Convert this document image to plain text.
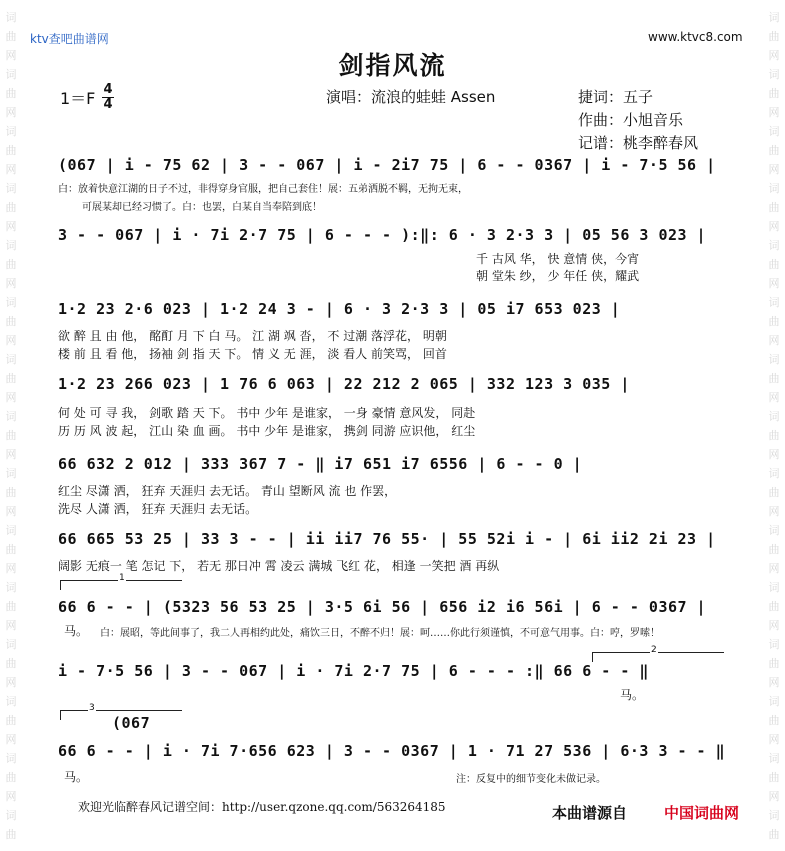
词
曲
网
词
曲
网
词
曲
网
词
曲
网
词
曲
网
词
曲
网
词
曲
网
词
曲
网
词
曲
网
词
曲
网
词
曲
网
词
曲
网
词
曲
网
词
曲
网
词
曲
词
曲
网
词
曲
网
词
曲
网
词
曲
网
词
曲
网
词
曲
网
词
曲
网
词
曲
网
词
曲
网
词
曲
网
词
曲
网
词
曲
网
词
曲
网
词
曲
网
词
曲
ktv查吧曲谱网	www.ktvc8.com
剑指风流
1＝F 4
4	演唱：流浪的蛙蛙 Assen	捷词：五子
作曲：小旭音乐
记谱：桃李醉春风
(067 | i - 75 62 | 3 - - 067 | i - 2i7 75 | 6 - - 0367 | i - 7·5 56 |
白：放着快意江湖的日子不过，非得穿身官服，把自己套住！展：五弟洒脱不羁，无拘无束，
可展某却已经习惯了。白：也罢，白某自当奉陪到底！
3 - - 067 | i · 7i 2·7 75 | 6 - - - ):‖: 6 · 3 2·3 3 | 05 56 3 023 |
千 古风 华， 快 意情 侠，今宵
朝 堂朱 纱， 少 年任 侠，耀武
1·2 23 2·6 023 | 1·2 24 3 - | 6 · 3 2·3 3 | 05 i7 653 023 |
欲 醉 且 由 他， 酩酊 月 下 白 马。 江 湖 飒 沓， 不 过潮 落浮花， 明朝
楼 前 且 看 他， 扬袖 剑 指 天 下。 情 义 无 涯， 淡 看人 前笑骂， 回首
1·2 23 266 023 | 1 76 6 063 | 22 212 2 065 | 332 123 3 035 |
何 处 可 寻 我， 剑歌 踏 天 下。 书中 少年 是谁家， 一身 豪情 意风发， 同赴
历 历 风 波 起， 江山 染 血 画。 书中 少年 是谁家， 携剑 同游 应识他， 红尘
66 632 2 012 | 333 367 7 - ‖ i7 651 i7 6556 | 6 - - 0 |
红尘 尽潇 洒， 狂弃 天涯归 去无话。 青山 望断风 流 也 作罢，
洗尽 人潇 洒， 狂弃 天涯归 去无话。
66 665 53 25 | 33 3 - - | ii ii7 76 55· | 55 52i i - | 6i ii2 2i 23 |
阔影 无痕一 笔 怎记 下， 若无 那日冲 霄 凌云 满城 飞红 花， 相逢 一笑把 酒 再纵
1
66 6 - - | (5323 56 53 25 | 3·5 6i 56 | 656 i2 i6 56i | 6 - - 0367 |
马。 白：展昭，等此间事了，我二人再相约此处，痛饮三日，不醉不归！展：呵……你此行须谨慎，不可意气用事。白：哼，罗嗦！
2
i - 7·5 56 | 3 - - 067 | i · 7i 2·7 75 | 6 - - - :‖ 66 6 - - ‖
马。
3
(067
66 6 - - | i · 7i 7·656 623 | 3 - - 0367 | 1 · 71 27 536 | 6·3 3 - - ‖
马。	注：反复中的细节变化未做记录。
欢迎光临醉春风记谱空间：http://user.qzone.qq.com/563264185	本曲谱源自 中国词曲网
